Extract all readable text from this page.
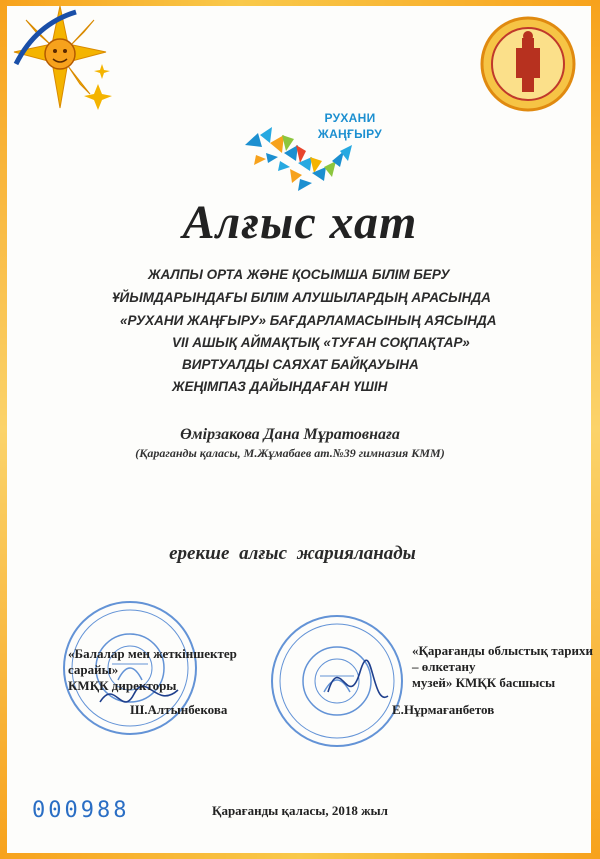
РУХАНИ
ЖАҢҒЫРУ
Алғыс хат
ЖАЛПЫ ОРТА ЖӘНЕ ҚОСЫМША БІЛІМ БЕРУ
ҰЙЫМДАРЫНДАҒЫ БІЛІМ АЛУШЫЛАРДЫҢ АРАСЫНДА
«РУХАНИ ЖАҢҒЫРУ» БАҒДАРЛАМАСЫНЫҢ АЯСЫНДА
VII АШЫҚ АЙМАҚТЫҚ «ТУҒАН СОҚПАҚТАР»
ВИРТУАЛДЫ САЯХАТ БАЙҚАУЫНА
ЖЕҢІМПАЗ ДАЙЫНДАҒАН ҮШІН
Өмірзакова Дана Мұратовнаға
(Қараганды қаласы, М.Жұмабаев ат.№39 гимназия КММ)
ерекше алғыс жарияланады
«Балалар мен жеткіншектер сарайы»
КМҚК директоры
Ш.Алтынбекова
«Қарағанды облыстық тарихи – өлкетану
музей» КМҚК басшысы
Е.Нұрмағанбетов
000988	Қарағанды қаласы, 2018 жыл
